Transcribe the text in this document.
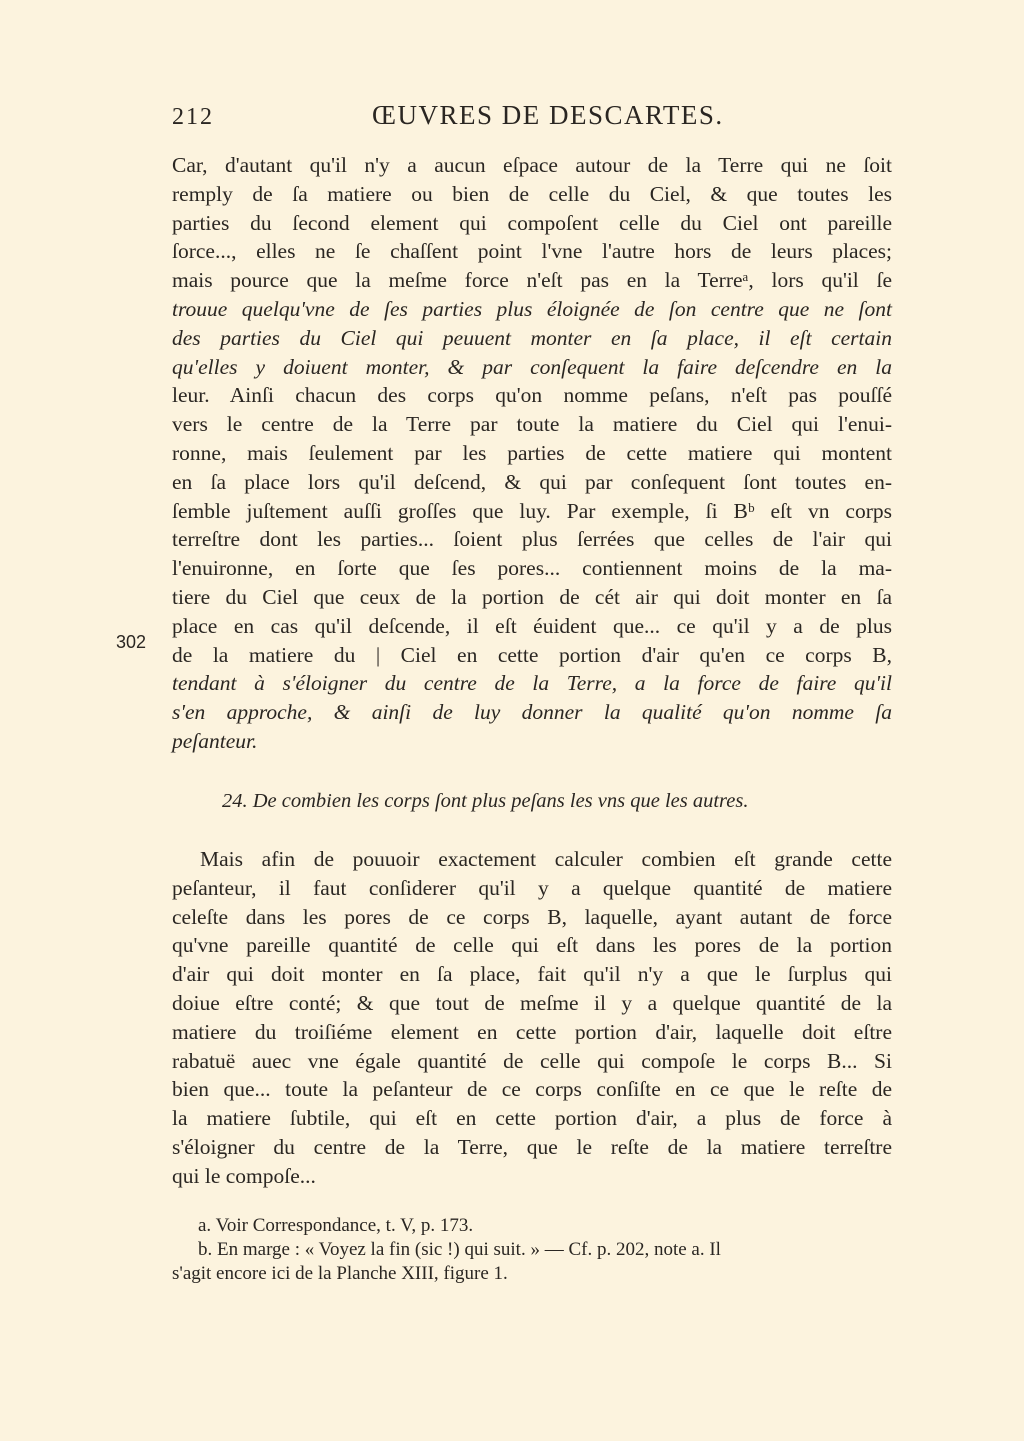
212	ŒUVRES DE DESCARTES.
302
Car, d'autant qu'il n'y a aucun eſpace autour de la Terre qui ne ſoit
remply de ſa matiere ou bien de celle du Ciel, & que toutes les
parties du ſecond element qui compoſent celle du Ciel ont pareille
ſorce..., elles ne ſe chaſſent point l'vne l'autre hors de leurs places;
mais pource que la meſme force n'eſt pas en la Terreᵃ, lors qu'il ſe
trouue quelqu'vne de ſes parties plus éloignée de ſon centre que ne ſont
des parties du Ciel qui peuuent monter en ſa place, il eſt certain
qu'elles y doiuent monter, & par conſequent la faire deſcendre en la
leur. Ainſi chacun des corps qu'on nomme peſans, n'eſt pas pouſſé
vers le centre de la Terre par toute la matiere du Ciel qui l'enui-
ronne, mais ſeulement par les parties de cette matiere qui montent
en ſa place lors qu'il deſcend, & qui par conſequent ſont toutes en-
ſemble juſtement auſſi groſſes que luy. Par exemple, ſi Bᵇ eſt vn corps
terreſtre dont les parties... ſoient plus ſerrées que celles de l'air qui
l'enuironne, en ſorte que ſes pores... contiennent moins de la ma-
tiere du Ciel que ceux de la portion de cét air qui doit monter en ſa
place en cas qu'il deſcende, il eſt éuident que... ce qu'il y a de plus
de la matiere du | Ciel en cette portion d'air qu'en ce corps B,
tendant à s'éloigner du centre de la Terre, a la force de faire qu'il
s'en approche, & ainſi de luy donner la qualité qu'on nomme ſa
peſanteur.
24. De combien les corps ſont plus peſans les vns que les autres.
Mais afin de pouuoir exactement calculer combien eſt grande cette
peſanteur, il faut conſiderer qu'il y a quelque quantité de matiere
celeſte dans les pores de ce corps B, laquelle, ayant autant de force
qu'vne pareille quantité de celle qui eſt dans les pores de la portion
d'air qui doit monter en ſa place, fait qu'il n'y a que le ſurplus qui
doiue eſtre conté; & que tout de meſme il y a quelque quantité de la
matiere du troiſiéme element en cette portion d'air, laquelle doit eſtre
rabatuë auec vne égale quantité de celle qui compoſe le corps B... Si
bien que... toute la peſanteur de ce corps conſiſte en ce que le reſte de
la matiere ſubtile, qui eſt en cette portion d'air, a plus de force à
s'éloigner du centre de la Terre, que le reſte de la matiere terreſtre
qui le compoſe...
a. Voir Correspondance, t. V, p. 173.
b. En marge : « Voyez la fin (sic !) qui suit. » — Cf. p. 202, note a. Il
s'agit encore ici de la Planche XIII, figure 1.
